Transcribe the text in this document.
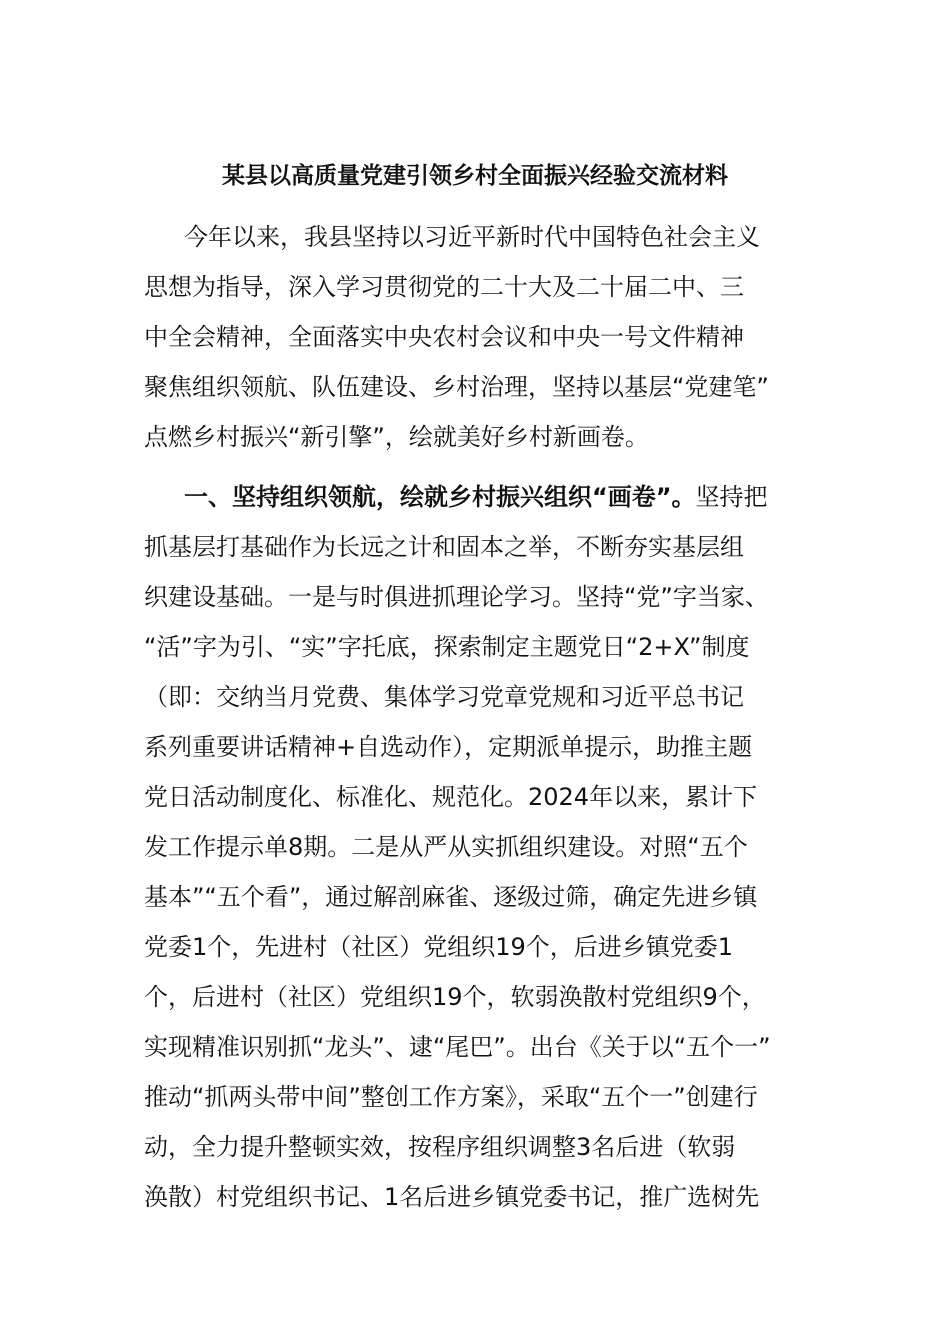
某县以高质量党建引领乡村全面振兴经验交流材料
今年以来，我县坚持以习近平新时代中国特色社会主义
思想为指导，深入学习贯彻党的二十大及二十届二中、三
中全会精神，全面落实中央农村会议和中央一号文件精神
聚焦组织领航、队伍建设、乡村治理，坚持以基层“党建笔”
点燃乡村振兴“新引擎”，绘就美好乡村新画卷。
一、坚持组织领航，绘就乡村振兴组织“画卷”。坚持把
抓基层打基础作为长远之计和固本之举，不断夯实基层组
织建设基础。一是与时俱进抓理论学习。坚持“党”字当家、
“活”字为引、“实”字托底，探索制定主题党日“2+X”制度
（即：交纳当月党费、集体学习党章党规和习近平总书记
系列重要讲话精神+自选动作），定期派单提示，助推主题
党日活动制度化、标准化、规范化。2024年以来，累计下
发工作提示单8期。二是从严从实抓组织建设。对照“五个
基本”“五个看”，通过解剖麻雀、逐级过筛，确定先进乡镇
党委1个，先进村（社区）党组织19个，后进乡镇党委1
个，后进村（社区）党组织19个，软弱涣散村党组织9个，
实现精准识别抓“龙头”、逮“尾巴”。出台《关于以“五个一”
推动“抓两头带中间”整创工作方案》，采取“五个一”创建行
动，全力提升整顿实效，按程序组织调整3名后进（软弱
涣散）村党组织书记、1名后进乡镇党委书记，推广选树先
